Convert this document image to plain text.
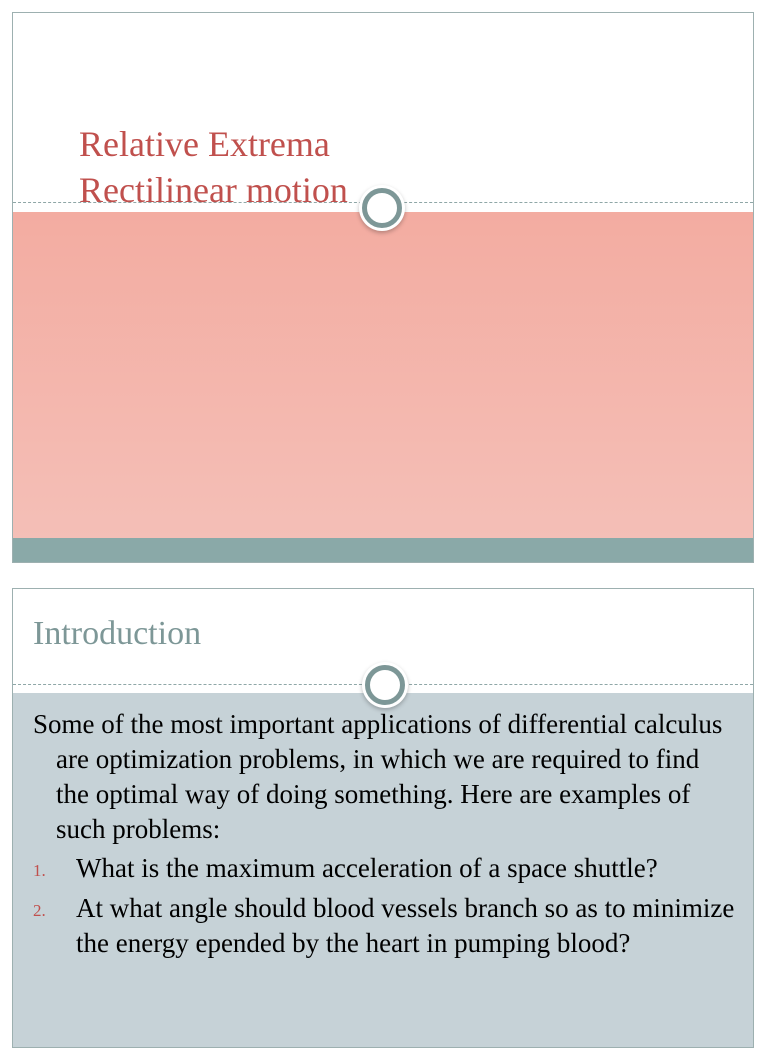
Relative Extrema
Rectilinear motion
Introduction

Some of the most important applications of differential calculus are optimization problems, in which we are required to find the optimal way of doing something. Here are examples of such problems:

1. What is the maximum acceleration of a space shuttle?
2. At what angle should blood vessels branch so as to minimize the energy epended by the heart in pumping blood?
